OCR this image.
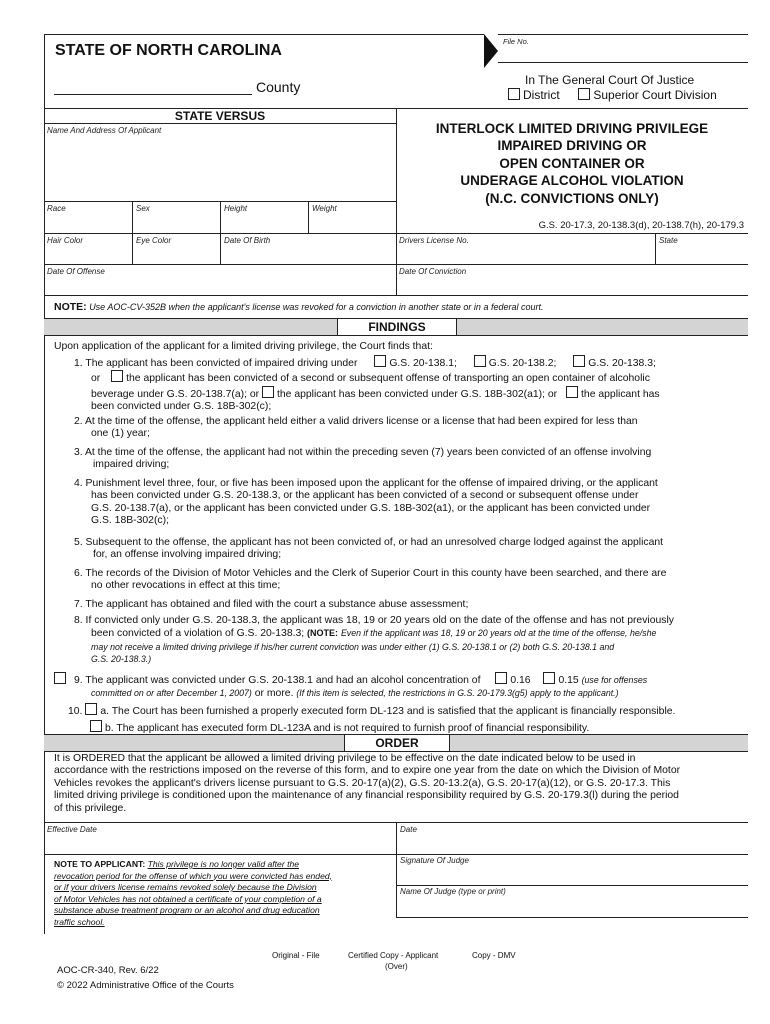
STATE OF NORTH CAROLINA
County
File No.
In The General Court Of Justice
District	Superior Court Division
STATE VERSUS
Name And Address Of Applicant
Race	Sex	Height	Weight
Hair Color	Eye Color	Date Of Birth	Drivers License No.	State
Date Of Offense	Date Of Conviction
INTERLOCK LIMITED DRIVING PRIVILEGE
IMPAIRED DRIVING OR
OPEN CONTAINER OR
UNDERAGE ALCOHOL VIOLATION
(N.C. CONVICTIONS ONLY)
G.S. 20-17.3, 20-138.3(d), 20-138.7(h), 20-179.3
NOTE: Use AOC-CV-352B when the applicant's license was revoked for a conviction in another state or in a federal court.
FINDINGS
Upon application of the applicant for a limited driving privilege, the Court finds that:
1. The applicant has been convicted of impaired driving under	G.S. 20-138.1;	G.S. 20-138.2;	G.S. 20-138.3;
or the applicant has been convicted of a second or subsequent offense of transporting an open container of alcoholic
beverage under G.S. 20-138.7(a); or the applicant has been convicted under G.S. 18B-302(a1); or the applicant has
been convicted under G.S. 18B-302(c);
2. At the time of the offense, the applicant held either a valid drivers license or a license that had been expired for less than
one (1) year;
3. At the time of the offense, the applicant had not within the preceding seven (7) years been convicted of an offense involving
impaired driving;
4. Punishment level three, four, or five has been imposed upon the applicant for the offense of impaired driving, or the applicant
has been convicted under G.S. 20-138.3, or the applicant has been convicted of a second or subsequent offense under
G.S. 20-138.7(a), or the applicant has been convicted under G.S. 18B-302(a1), or the applicant has been convicted under
G.S. 18B-302(c);
5. Subsequent to the offense, the applicant has not been convicted of, or had an unresolved charge lodged against the applicant
for, an offense involving impaired driving;
6. The records of the Division of Motor Vehicles and the Clerk of Superior Court in this county have been searched, and there are
no other revocations in effect at this time;
7. The applicant has obtained and filed with the court a substance abuse assessment;
8. If convicted only under G.S. 20-138.3, the applicant was 18, 19 or 20 years old on the date of the offense and has not previously
been convicted of a violation of G.S. 20-138.3; (NOTE: Even if the applicant was 18, 19 or 20 years old at the time of the offense, he/she
may not receive a limited driving privilege if his/her current conviction was under either (1) G.S. 20-138.1 or (2) both G.S. 20-138.1 and
G.S. 20-138.3.)
9. The applicant was convicted under G.S. 20-138.1 and had an alcohol concentration of	0.16	0.15 (use for offenses
committed on or after December 1, 2007) or more. (If this item is selected, the restrictions in G.S. 20-179.3(g5) apply to the applicant.)
10. a. The Court has been furnished a properly executed form DL-123 and is satisfied that the applicant is financially responsible.
b. The applicant has executed form DL-123A and is not required to furnish proof of financial responsibility.
ORDER
It is ORDERED that the applicant be allowed a limited driving privilege to be effective on the date indicated below to be used in
accordance with the restrictions imposed on the reverse of this form, and to expire one year from the date on which the Division of Motor
Vehicles revokes the applicant's drivers license pursuant to G.S. 20-17(a)(2), G.S. 20-13.2(a), G.S. 20-17(a)(12), or G.S. 20-17.3. This
limited driving privilege is conditioned upon the maintenance of any financial responsibility required by G.S. 20-179.3(l) during the period
of this privilege.
Effective Date	Date
Signature Of Judge
Name Of Judge (type or print)
NOTE TO APPLICANT: This privilege is no longer valid after the
revocation period for the offense of which you were convicted has ended,
or if your drivers license remains revoked solely because the Division
of Motor Vehicles has not obtained a certificate of your completion of a
substance abuse treatment program or an alcohol and drug education
traffic school.
Original - File	Certified Copy - Applicant	Copy - DMV
(Over)
AOC-CR-340, Rev. 6/22
© 2022 Administrative Office of the Courts
